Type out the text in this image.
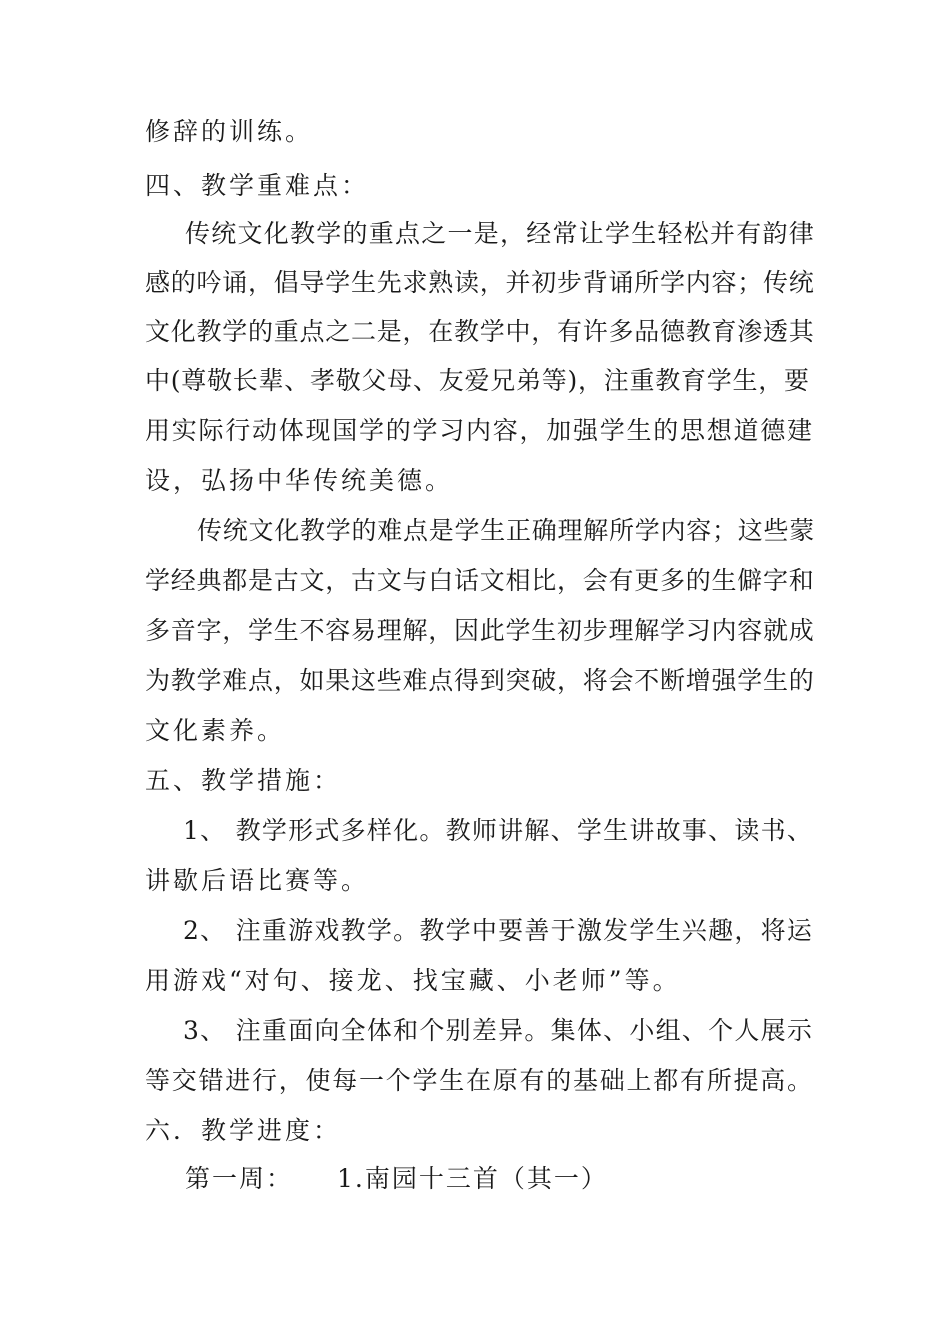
修辞的训练。
四、教学重难点：
传统文化教学的重点之一是，经常让学生轻松并有韵律
感的吟诵，倡导学生先求熟读，并初步背诵所学内容；传统
文化教学的重点之二是，在教学中，有许多品德教育渗透其
中(尊敬长辈、孝敬父母、友爱兄弟等)，注重教育学生，要
用实际行动体现国学的学习内容，加强学生的思想道德建
设，弘扬中华传统美德。
传统文化教学的难点是学生正确理解所学内容；这些蒙
学经典都是古文，古文与白话文相比，会有更多的生僻字和
多音字，学生不容易理解，因此学生初步理解学习内容就成
为教学难点，如果这些难点得到突破，将会不断增强学生的
文化素养。
五、教学措施：
1、 教学形式多样化。教师讲解、学生讲故事、读书、
讲歇后语比赛等。
2、 注重游戏教学。教学中要善于激发学生兴趣，将运
用游戏“对句、接龙、找宝藏、小老师”等。
3、 注重面向全体和个别差异。集体、小组、个人展示
等交错进行，使每一个学生在原有的基础上都有所提高。
六．教学进度：
第一周： 1.南园十三首（其一）
